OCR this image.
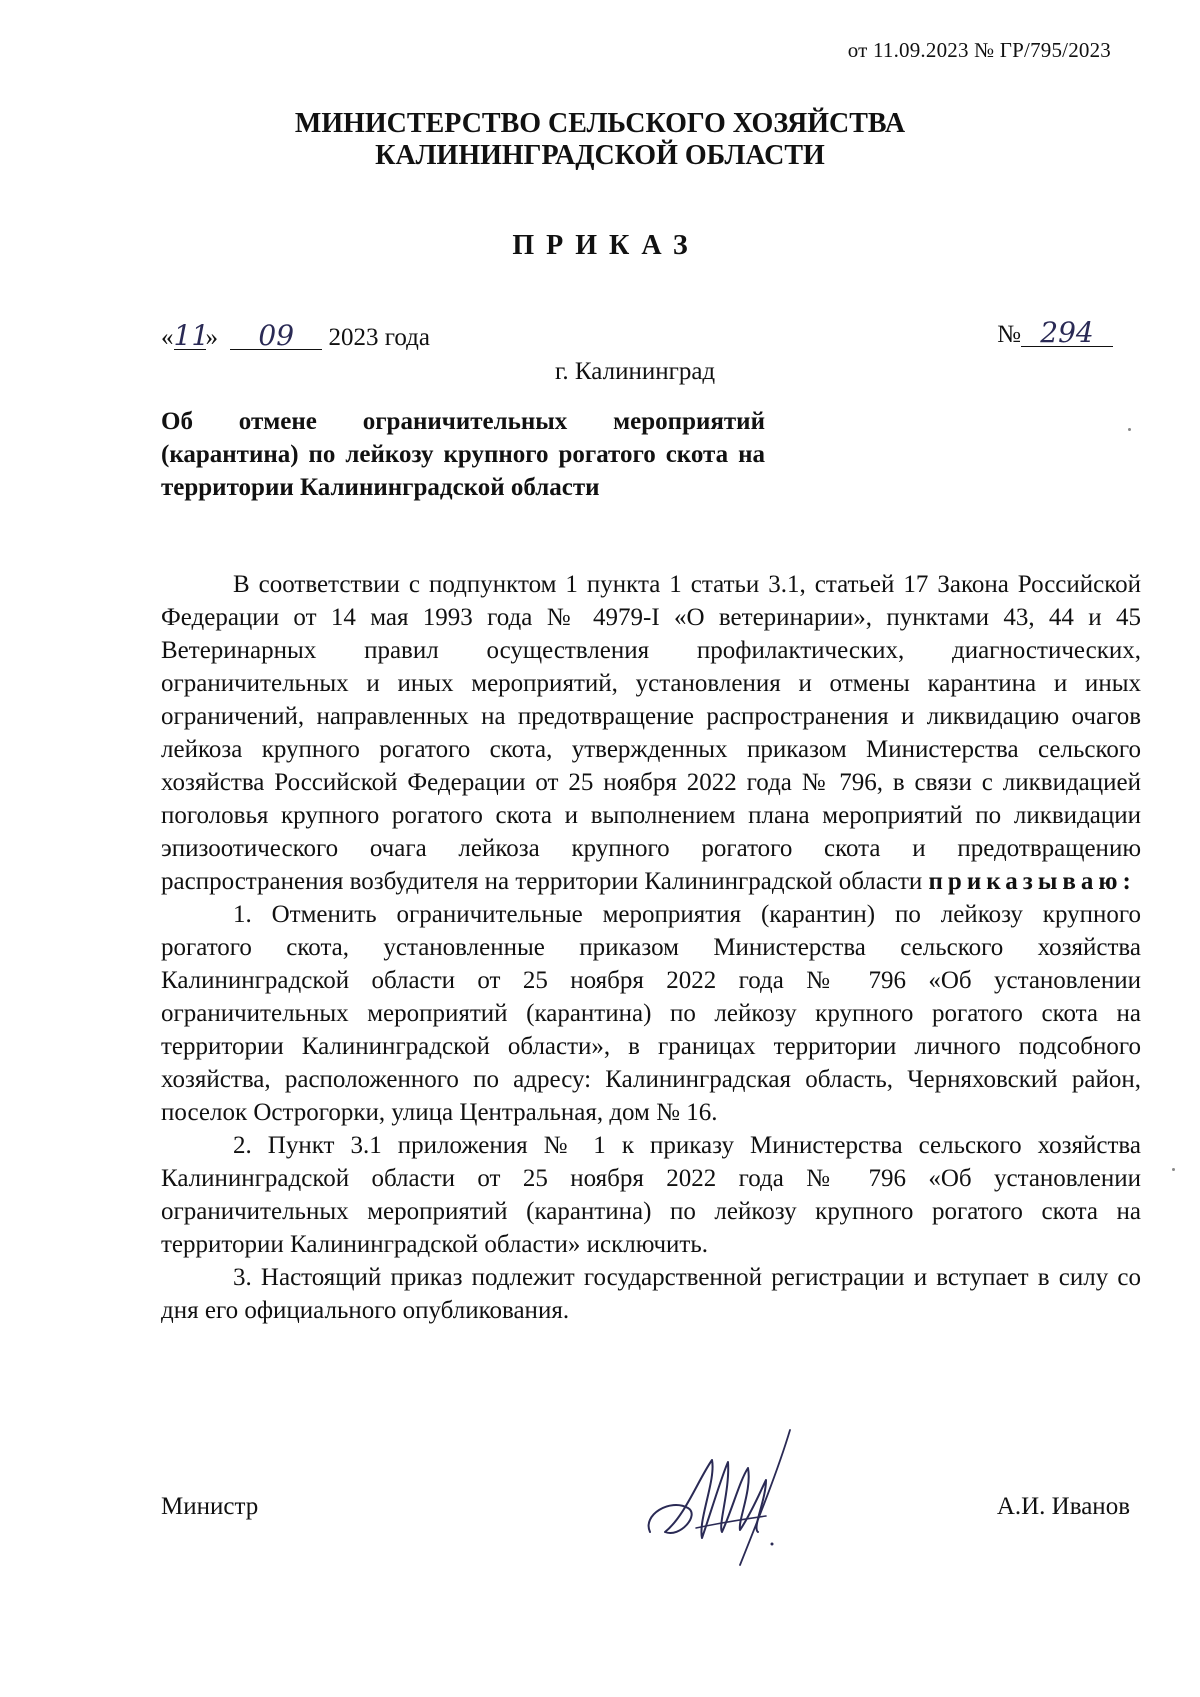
от 11.09.2023 № ГР/795/2023
МИНИСТЕРСТВО СЕЛЬСКОГО ХОЗЯЙСТВА
КАЛИНИНГРАДСКОЙ ОБЛАСТИ
ПРИКАЗ
«11» 09 2023 года	№ 294
г. Калининград
Об отмене ограничительных мероприятий (карантина) по лейкозу крупного рогатого скота на территории Калининградской области

В соответствии с подпунктом 1 пункта 1 статьи 3.1, статьей 17 Закона Российской Федерации от 14 мая 1993 года № 4979-I «О ветеринарии», пунктами 43, 44 и 45 Ветеринарных правил осуществления профилактических, диагностических, ограничительных и иных мероприятий, установления и отмены карантина и иных ограничений, направленных на предотвращение распространения и ликвидацию очагов лейкоза крупного рогатого скота, утвержденных приказом Министерства сельского хозяйства Российской Федерации от 25 ноября 2022 года № 796, в связи с ликвидацией поголовья крупного рогатого скота и выполнением плана мероприятий по ликвидации эпизоотического очага лейкоза крупного рогатого скота и предотвращению распространения возбудителя на территории Калининградской области приказываю:

1. Отменить ограничительные мероприятия (карантин) по лейкозу крупного рогатого скота, установленные приказом Министерства сельского хозяйства Калининградской области от 25 ноября 2022 года № 796 «Об установлении ограничительных мероприятий (карантина) по лейкозу крупного рогатого скота на территории Калининградской области», в границах территории личного подсобного хозяйства, расположенного по адресу: Калининградская область, Черняховский район, поселок Острогорки, улица Центральная, дом № 16.

2. Пункт 3.1 приложения № 1 к приказу Министерства сельского хозяйства Калининградской области от 25 ноября 2022 года № 796 «Об установлении ограничительных мероприятий (карантина) по лейкозу крупного рогатого скота на территории Калининградской области» исключить.

3. Настоящий приказ подлежит государственной регистрации и вступает в силу со дня его официального опубликования.

Министр	А.И. Иванов
